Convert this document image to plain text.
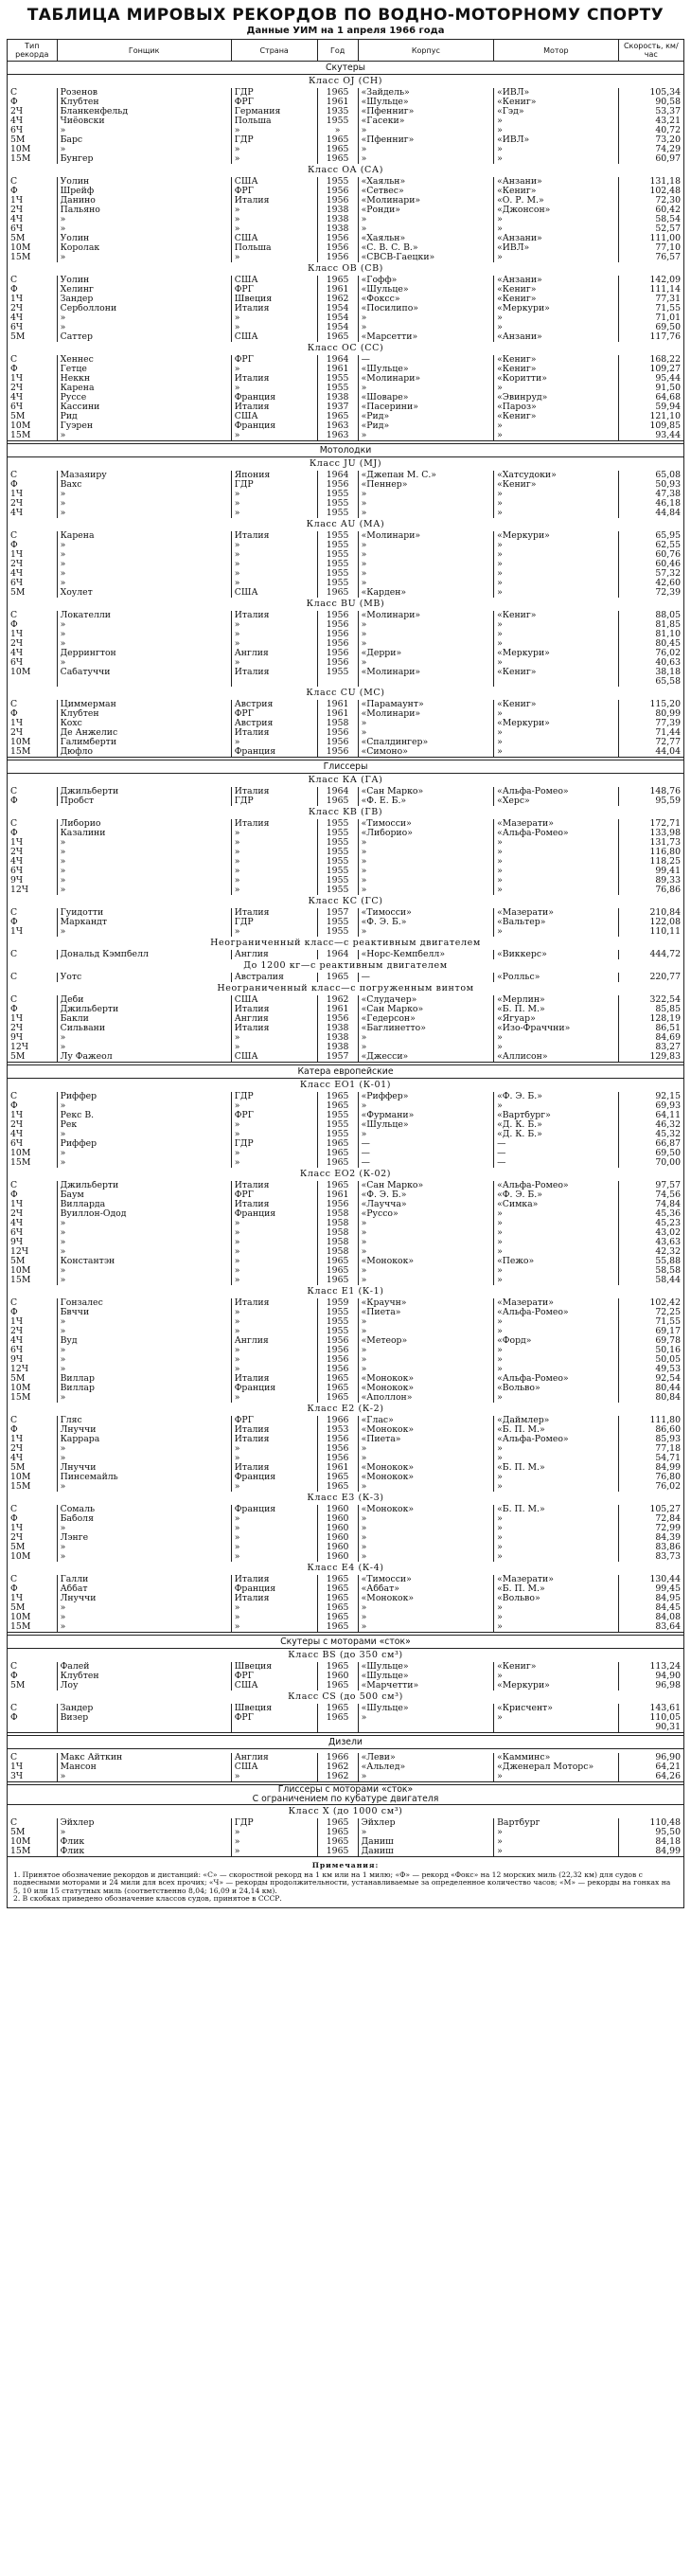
ТАБЛИЦА МИРОВЫХ РЕКОРДОВ ПО ВОДНО-МОТОРНОМУ СПОРТУ
Данные УИМ на 1 апреля 1966 года
Тип рекорда	Гонщик	Страна	Год	Корпус	Мотор	Скорость, км/час
Скутеры						
Класс OJ (СН)						
С	Розенов	ГДР	1965	«Зайдель»	«ИВЛ»	105,34
Ф	Клубтен	ФРГ	1961	«Шульце»	«Кениг»	90,58
2Ч	Бланкенфельд	Германия	1935	«Пфенниг»	«Гэд»	53,37
4Ч	Чиёовски	Польша	1955	«Гасеки»	»	43,21
6Ч	»	»	»	»	»	40,72
5М	Барс	ГДР	1965	«Пфенниг»	«ИВЛ»	73,20
10М	»	»	1965	»	»	74,29
15М	Бунгер	»	1965	»	»	60,97
Класс OA (СА)						
С	Уолин	США	1955	«Хаяльн»	«Анзани»	131,18
Ф	Шрейф	ФРГ	1956	«Сетвес»	«Кениг»	102,48
1Ч	Данино	Италия	1956	«Молинари»	«О. Р. М.»	72,30
2Ч	Пальяно	»	1938	«Ронди»	«Джонсон»	60,42
4Ч	»	»	1938	»	»	58,54
6Ч	»	»	1938	»	»	52,57
5М	Уолин	США	1956	«Хаяльн»	«Анзани»	111,00
10М	Королак	Польша	1956	«С. В. С. В.»	«ИВЛ»	77,10
15М	»	»	1956	«СВСВ-Гаецки»	»	76,57
Класс OB (СВ)						
С	Уолин	США	1965	«Гофф»	«Анзани»	142,09
Ф	Хелинг	ФРГ	1961	«Шульце»	«Кениг»	111,14
1Ч	Зандер	Швеция	1962	«Фоксс»	«Кениг»	77,31
2Ч	Серболлони	Италия	1954	«Посилипо»	«Меркури»	71,55
4Ч	»	»	1954	»	»	71,01
6Ч	»	»	1954	»	»	69,50
5М	Саттер	США	1965	«Марсетти»	«Анзани»	117,76
Класс OC (СС)						
С	Хеннес	ФРГ	1964	—	«Кениг»	168,22
Ф	Гетце	»	1961	«Шульце»	«Кениг»	109,27
1Ч	Неккн	Италия	1955	«Молинари»	«Коритти»	95,44
2Ч	Карена	»	1955	»	»	91,50
4Ч	Руссе	Франция	1938	«Шоваре»	«Эвинруд»	64,68
6Ч	Кассини	Италия	1937	«Пасерини»	«Пароз»	59,94
5М	Рид	США	1965	«Рид»	«Кениг»	121,10
10М	Гуэрен	Франция	1963	«Рид»	»	109,85
15М	»	»	1963	»	»	93,44

Мотолодки						
Класс JU (МJ)						
С	Мазаяиру	Япония	1964	«Джепан М. С.»	«Хатсудоки»	65,08
Ф	Вахс	ГДР	1956	«Пеннер»	«Кениг»	50,93
1Ч	»	»	1955	»	»	47,38
2Ч	»	»	1955	»	»	46,18
4Ч	»	»	1955	»	»	44,84
Класс AU (МА)						
С	Карена	Италия	1955	«Молинари»	«Меркури»	65,95
Ф	»	»	1955	»	»	62,55
1Ч	»	»	1955	»	»	60,76
2Ч	»	»	1955	»	»	60,46
4Ч	»	»	1955	»	»	57,32
6Ч	»	»	1955	»	»	42,60
5М	Хоулет	США	1965	«Карден»	»	72,39
Класс BU (МВ)						
С	Локателли	Италия	1956	«Молинари»	«Кениг»	88,05
Ф	»	»	1956	»	»	81,85
1Ч	»	»	1956	»	»	81,10
2Ч	»	»	1956	»	»	80,45
4Ч	Деррингтон	Англия	1956	«Дерри»	«Меркури»	76,02
6Ч	»	»	1956	»	»	40,63
10М	Сабатуччи	Италия	1955	«Молинари»	«Кениг»	38,18
						65,58
Класс CU (МС)						
С	Циммерман	Австрия	1961	«Парамаунт»	«Кениг»	115,20
Ф	Клубтен	ФРГ	1961	«Молинари»	»	80,99
1Ч	Кохс	Австрия	1958	»	«Меркури»	77,39
2Ч	Де Анжелис	Италия	1956	»	»	71,44
10М	Галимберти	»	1956	«Спалдингер»	»	72,77
15М	Дюфло	Франция	1956	«Симоно»	»	44,04

Глиссеры						
Класс КА (ГА)						
С	Джильберти	Италия	1964	«Сан Марко»	«Альфа-Ромео»	148,76
Ф	Пробст	ГДР	1965	«Ф. Е. Б.»	«Херс»	95,59
Класс KB (ГВ)						
С	Либорио	Италия	1955	«Тимосси»	«Мазерати»	172,71
Ф	Казалини	»	1955	«Либорио»	«Альфа-Ромео»	133,98
1Ч	»	»	1955	»	»	131,73
2Ч	»	»	1955	»	»	116,80
4Ч	»	»	1955	»	»	118,25
6Ч	»	»	1955	»	»	99,41
9Ч	»	»	1955	»	»	89,33
12Ч	»	»	1955	»	»	76,86
Класс КС (ГС)						
С	Гуидотти	Италия	1957	«Тимосси»	«Мазерати»	210,84
Ф	Маркандт	ГДР	1955	«Ф. Э. Б.»	«Вальтер»	122,08
1Ч	»	»	1955	»	»	110,11
Неограниченный класс—с реактивным двигателем						
С	Дональд Кэмпбелл	Англия	1964	«Норс-Кемпбелл»	«Виккерс»	444,72
До 1200 кг—с реактивным двигателем						
С	Уотс	Австралия	1965	—	«Ролльс»	220,77
Неограниченный класс—с погруженным винтом						
С	Деби	США	1962	«Слудачер»	«Мерлин»	322,54
Ф	Джильберти	Италия	1961	«Сан Марко»	«Б. П. М.»	85,85
1Ч	Бакли	Англия	1956	«Гедерсон»	«Ягуар»	128,19
2Ч	Сильвани	Италия	1938	«Баглинетто»	«Изо-Фраччни»	86,51
9Ч	»	»	1938	»	»	84,69
12Ч	»	»	1938	»	»	83,27
5М	Лу Фажеол	США	1957	«Джесси»	«Аллисон»	129,83

Катера европейские						
Класс EO1 (К-01)						
С	Риффер	ГДР	1965	«Риффер»	«Ф. Э. Б.»	92,15
Ф	»	»	1965	»	»	69,93
1Ч	Рекс В.	ФРГ	1955	«Фурмани»	«Вартбург»	64,11
2Ч	Рек	»	1955	«Шульце»	«Д. К. Б.»	46,32
4Ч	»	»	1955	»	«Д. К. Б.»	45,32
6Ч	Риффер	ГДР	1965	—	—	66,87
10М	»	»	1965	—	—	69,50
15М	»	»	1965	—	—	70,00
Класс EO2 (К-02)						
С	Джильберти	Италия	1965	«Сан Марко»	«Альфа-Ромео»	97,57
Ф	Баум	ФРГ	1961	«Ф. Э. Б.»	«Ф. Э. Б.»	74,56
1Ч	Вилларда	Италия	1956	«Лаучча»	«Симка»	74,84
2Ч	Вуиллон-Одод	Франция	1958	«Руссо»	»	45,36
4Ч	»	»	1958	»	»	45,23
6Ч	»	»	1958	»	»	43,02
9Ч	»	»	1958	»	»	43,63
12Ч	»	»	1958	»	»	42,32
5М	Константэн	»	1965	«Монокок»	«Пежо»	55,88
10М	»	»	1965	»	»	58,58
15М	»	»	1965	»	»	58,44
Класс E1 (К-1)						
С	Гонзалес	Италия	1959	«Краучн»	«Мазерати»	102,42
Ф	Бвччи	»	1955	«Пиета»	«Альфа-Ромео»	72,25
1Ч	»	»	1955	»	»	71,55
2Ч	»	»	1955	»	»	69,17
4Ч	Вуд	Англия	1956	«Метеор»	«Форд»	69,78
6Ч	»	»	1956	»	»	50,16
9Ч	»	»	1956	»	»	50,05
12Ч	»	»	1956	»	»	49,53
5М	Виллар	Италия	1965	«Монокок»	«Альфа-Ромео»	92,54
10М	Виллар	Франция	1965	«Монокок»	«Вольво»	80,44
15М	»	»	1965	«Аполлон»	»	80,84
Класс E2 (К-2)						
С	Гляс	ФРГ	1966	«Глас»	«Даймлер»	111,80
Ф	Лнуччи	Италия	1953	«Монокок»	«Б. П. М.»	86,60
1Ч	Каррара	Италия	1956	«Пиета»	«Альфа-Ромео»	85,93
2Ч	»	»	1956	»	»	77,18
4Ч	»	»	1956	»	»	54,71
5М	Лнуччи	Италия	1961	«Монокок»	«Б. П. М.»	84,99
10М	Пинсемайль	Франция	1965	«Монокок»	»	76,80
15М	»	»	1965	»	»	76,02
Класс E3 (К-3)						
С	Сомаль	Франция	1960	«Монокок»	«Б. П. М.»	105,27
Ф	Баболя	»	1960	»	»	72,84
1Ч	»	»	1960	»	»	72,99
2Ч	Лэнге	»	1960	»	»	84,39
5М	»	»	1960	»	»	83,86
10М	»	»	1960	»	»	83,73
Класс E4 (К-4)						
С	Галли	Италия	1965	«Тимосси»	«Мазерати»	130,44
Ф	Аббат	Франция	1965	«Аббат»	«Б. П. М.»	99,45
1Ч	Лнуччи	Италия	1965	«Монокок»	«Вольво»	84,95
5М	»	»	1965	»	»	84,45
10М	»	»	1965	»	»	84,08
15М	»	»	1965	»	»	83,64

Скутеры с моторами «сток»						
Класс BS (до 350 см³)						
С	Фалей	Швеция	1965	«Шульце»	«Кениг»	113,24
Ф	Клубтен	ФРГ	1960	«Шульце»	»	94,90
5М	Лоу	США	1965	«Марчетти»	«Меркури»	96,98
Класс CS (до 500 см³)						
С	Зандер	Швеция	1965	«Шульце»	«Крисчент»	143,61
Ф	Визер	ФРГ	1965	»	»	110,05
						90,31

Дизели						

С	Макс Айткин	Англия	1966	«Леви»	«Камминс»	96,90
1Ч	Мансон	США	1962	«Альлед»	«Дженерал Моторс»	64,21
3Ч	»	»	1962	»	»	64,26

Глиссеры с моторами «сток»
С ограничением по кубатуре двигателя						
Класс X (до 1000 см³)						
С	Эйхлер	ГДР	1965	Эйхлер	Вартбург	110,48
5М	»	»	1965	»	»	95,50
10М	Флик	»	1965	Даниш	»	84,18
15М	Флик	»	1965	Даниш	»	84,99

Примечания:

1. Принятое обозначение рекордов и дистанций: «С» — скоростной рекорд на 1 км или на 1 милю; «Ф» — рекорд «Фокс» на 12 морских миль (22,32 км) для судов с подвесными моторами и 24 мили для всех прочих; «Ч» — рекорды продолжительности, устанавливаемые за определенное количество часов; «М» — рекорды на гонках на 5, 10 или 15 статутных миль (соответственно 8,04; 16,09 и 24,14 км).

2. В скобках приведено обозначение классов судов, принятое в СССР.
